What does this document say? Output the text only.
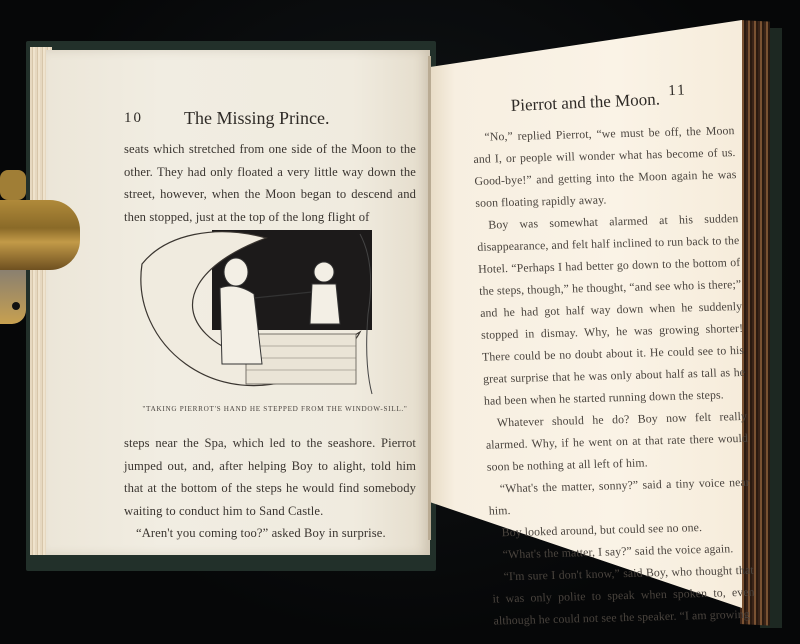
10 The Missing Prince.

seats which stretched from one side of the Moon to the other. They had only floated a very little way down the street, however, when the Moon began to descend and then stopped, just at the top of the long flight of

"TAKING PIERROT'S HAND HE STEPPED FROM THE WINDOW-SILL."

steps near the Spa, which led to the seashore. Pierrot jumped out, and, after helping Boy to alight, told him that at the bottom of the steps he would find somebody waiting to conduct him to Sand Castle.

“Aren't you coming too?” asked Boy in surprise.

Pierrot and the Moon. 11

“No,” replied Pierrot, “we must be off, the Moon and I, or people will wonder what has become of us. Good-bye!” and getting into the Moon again he was soon floating rapidly away.

Boy was somewhat alarmed at his sudden disappearance, and felt half inclined to run back to the Hotel. “Perhaps I had better go down to the bottom of the steps, though,” he thought, “and see who is there;” and he had got half way down when he suddenly stopped in dismay. Why, he was growing shorter! There could be no doubt about it. He could see to his great surprise that he was only about half as tall as he had been when he started running down the steps.

Whatever should he do? Boy now felt really alarmed. Why, if he went on at that rate there would soon be nothing at all left of him.

“What's the matter, sonny?” said a tiny voice near him.

Boy looked around, but could see no one.

“What's the matter, I say?” said the voice again.

“I'm sure I don't know,” said Boy, who thought that it was only polite to speak when spoken to, even although he could not see the speaker. “I am growing
